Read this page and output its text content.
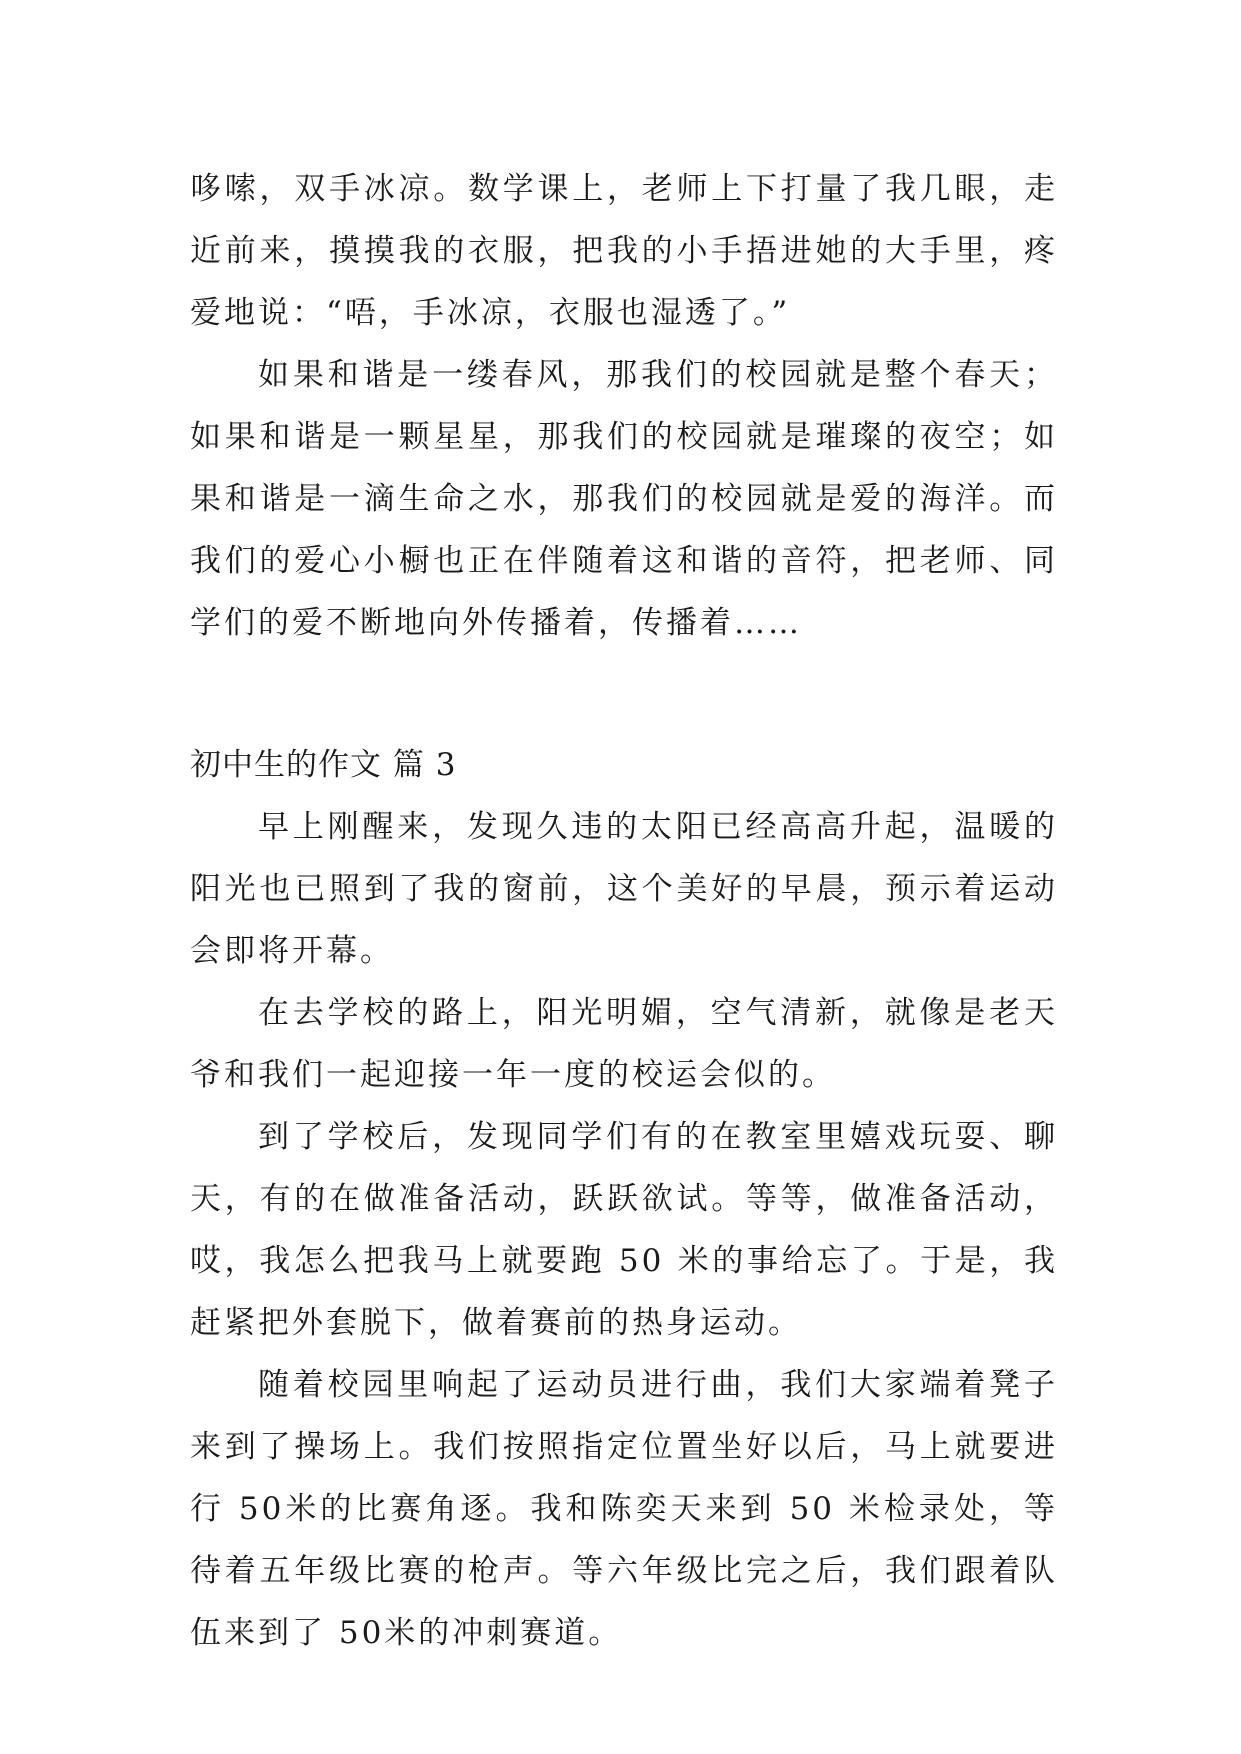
哆嗦，双手冰凉。数学课上，老师上下打量了我几眼，走近前来，摸摸我的衣服，把我的小手捂进她的大手里，疼爱地说：“唔，手冰凉，衣服也湿透了。”

如果和谐是一缕春风，那我们的校园就是整个春天；如果和谐是一颗星星，那我们的校园就是璀璨的夜空；如果和谐是一滴生命之水，那我们的校园就是爱的海洋。而我们的爱心小橱也正在伴随着这和谐的音符，把老师、同学们的爱不断地向外传播着，传播着……

初中生的作文 篇 3

早上刚醒来，发现久违的太阳已经高高升起，温暖的阳光也已照到了我的窗前，这个美好的早晨，预示着运动会即将开幕。

在去学校的路上，阳光明媚，空气清新，就像是老天爷和我们一起迎接一年一度的校运会似的。

到了学校后，发现同学们有的在教室里嬉戏玩耍、聊天，有的在做准备活动，跃跃欲试。等等，做准备活动，哎，我怎么把我马上就要跑 50 米的事给忘了。于是，我赶紧把外套脱下，做着赛前的热身运动。

随着校园里响起了运动员进行曲，我们大家端着凳子来到了操场上。我们按照指定位置坐好以后，马上就要进行 50米的比赛角逐。我和陈奕天来到 50 米检录处，等待着五年级比赛的枪声。等六年级比完之后，我们跟着队伍来到了 50米的冲刺赛道。
